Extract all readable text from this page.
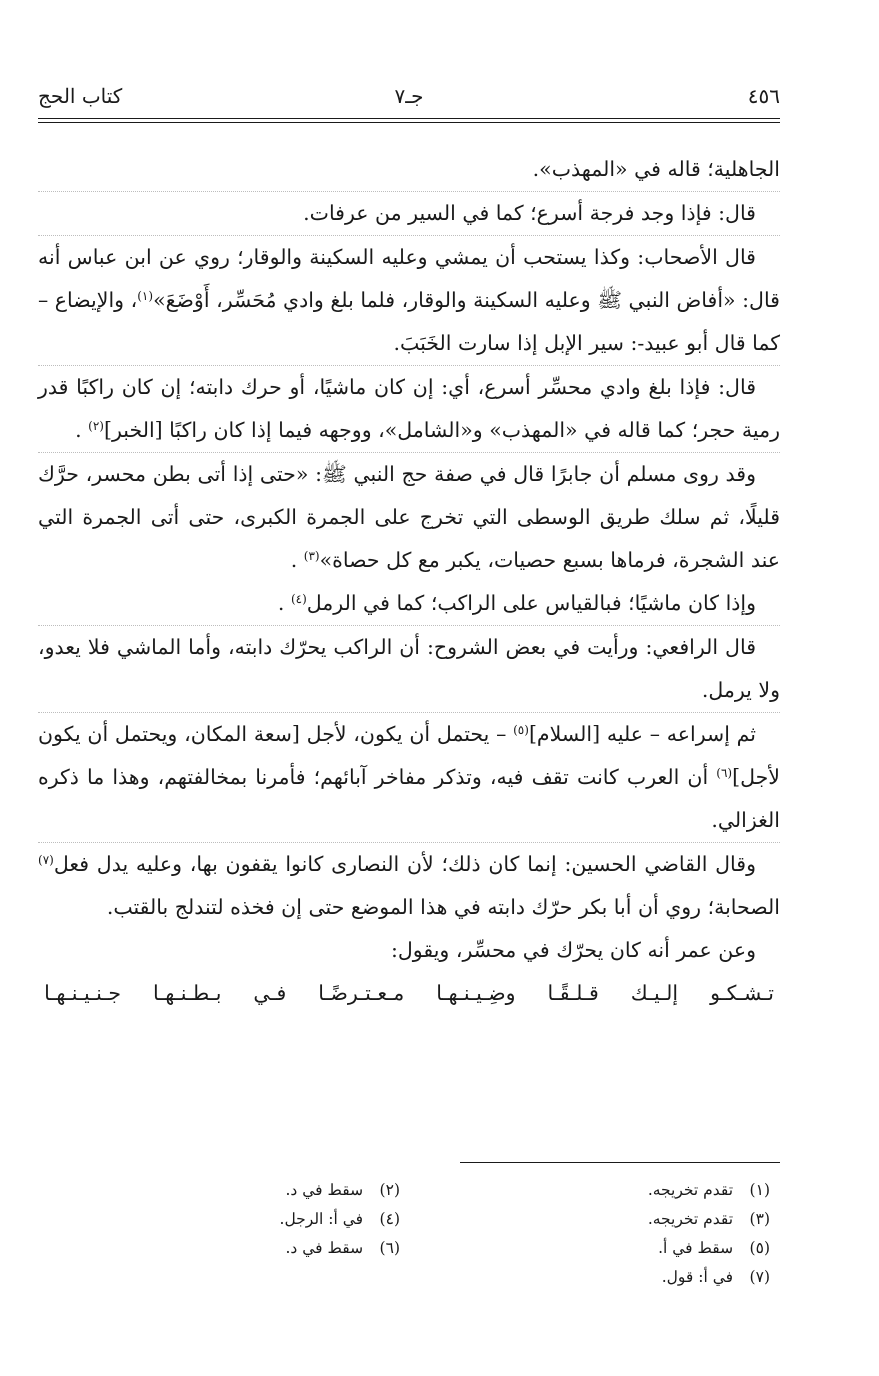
٤٥٦
جـ٧
كتاب الحج

الجاهلية؛ قاله في «المهذب».

قال: فإذا وجد فرجة أسرع؛ كما في السير من عرفات.

قال الأصحاب: وكذا يستحب أن يمشي وعليه السكينة والوقار؛ روي عن ابن عباس أنه قال: «أفاض النبي ﷺ وعليه السكينة والوقار، فلما بلغ وادي مُحَسِّر، أَوْضَعَ»$^{(١)}$، والإيضاع – كما قال أبو عبيد-: سير الإبل إذا سارت الخَبَبَ.

قال: فإذا بلغ وادي محسِّر أسرع، أي: إن كان ماشيًا، أو حرك دابته؛ إن كان راكبًا قدر رمية حجر؛ كما قاله في «المهذب» و«الشامل»، ووجهه فيما إذا كان راكبًا [الخبر]$^{(٢)}$ .

وقد روى مسلم أن جابرًا قال في صفة حج النبي ﷺ: «حتى إذا أتى بطن محسر، حرَّك قليلًا، ثم سلك طريق الوسطى التي تخرج على الجمرة الكبرى، حتى أتى الجمرة التي عند الشجرة، فرماها بسبع حصيات، يكبر مع كل حصاة»$^{(٣)}$ .

وإذا كان ماشيًا؛ فبالقياس على الراكب؛ كما في الرمل$^{(٤)}$ .

قال الرافعي: ورأيت في بعض الشروح: أن الراكب يحرّك دابته، وأما الماشي فلا يعدو، ولا يرمل.

ثم إسراعه – عليه [السلام]$^{(٥)}$ – يحتمل أن يكون، لأجل [سعة المكان، ويحتمل أن يكون لأجل]$^{(٦)}$ أن العرب كانت تقف فيه، وتذكر مفاخر آبائهم؛ فأمرنا بمخالفتهم، وهذا ما ذكره الغزالي.

وقال القاضي الحسين: إنما كان ذلك؛ لأن النصارى كانوا يقفون بها، وعليه يدل فعل$^{(٧)}$ الصحابة؛ روي أن أبا بكر حرّك دابته في هذا الموضع حتى إن فخذه لتندلج بالقتب.

وعن عمر أنه كان يحرّك في محسِّر، ويقول:

تـشـكـو
إلـيـك
قـلـقًـا
وضِـيـنـهـا
مـعـتـرضًـا
فـي
بـطـنـهـا
جـنـيـنـهـا
(١) تقدم تخريجه.
(٢) سقط في د.
(٣) تقدم تخريجه.
(٤) في أ: الرجل.
(٥) سقط في أ.
(٦) سقط في د.
(٧) في أ: قول.
